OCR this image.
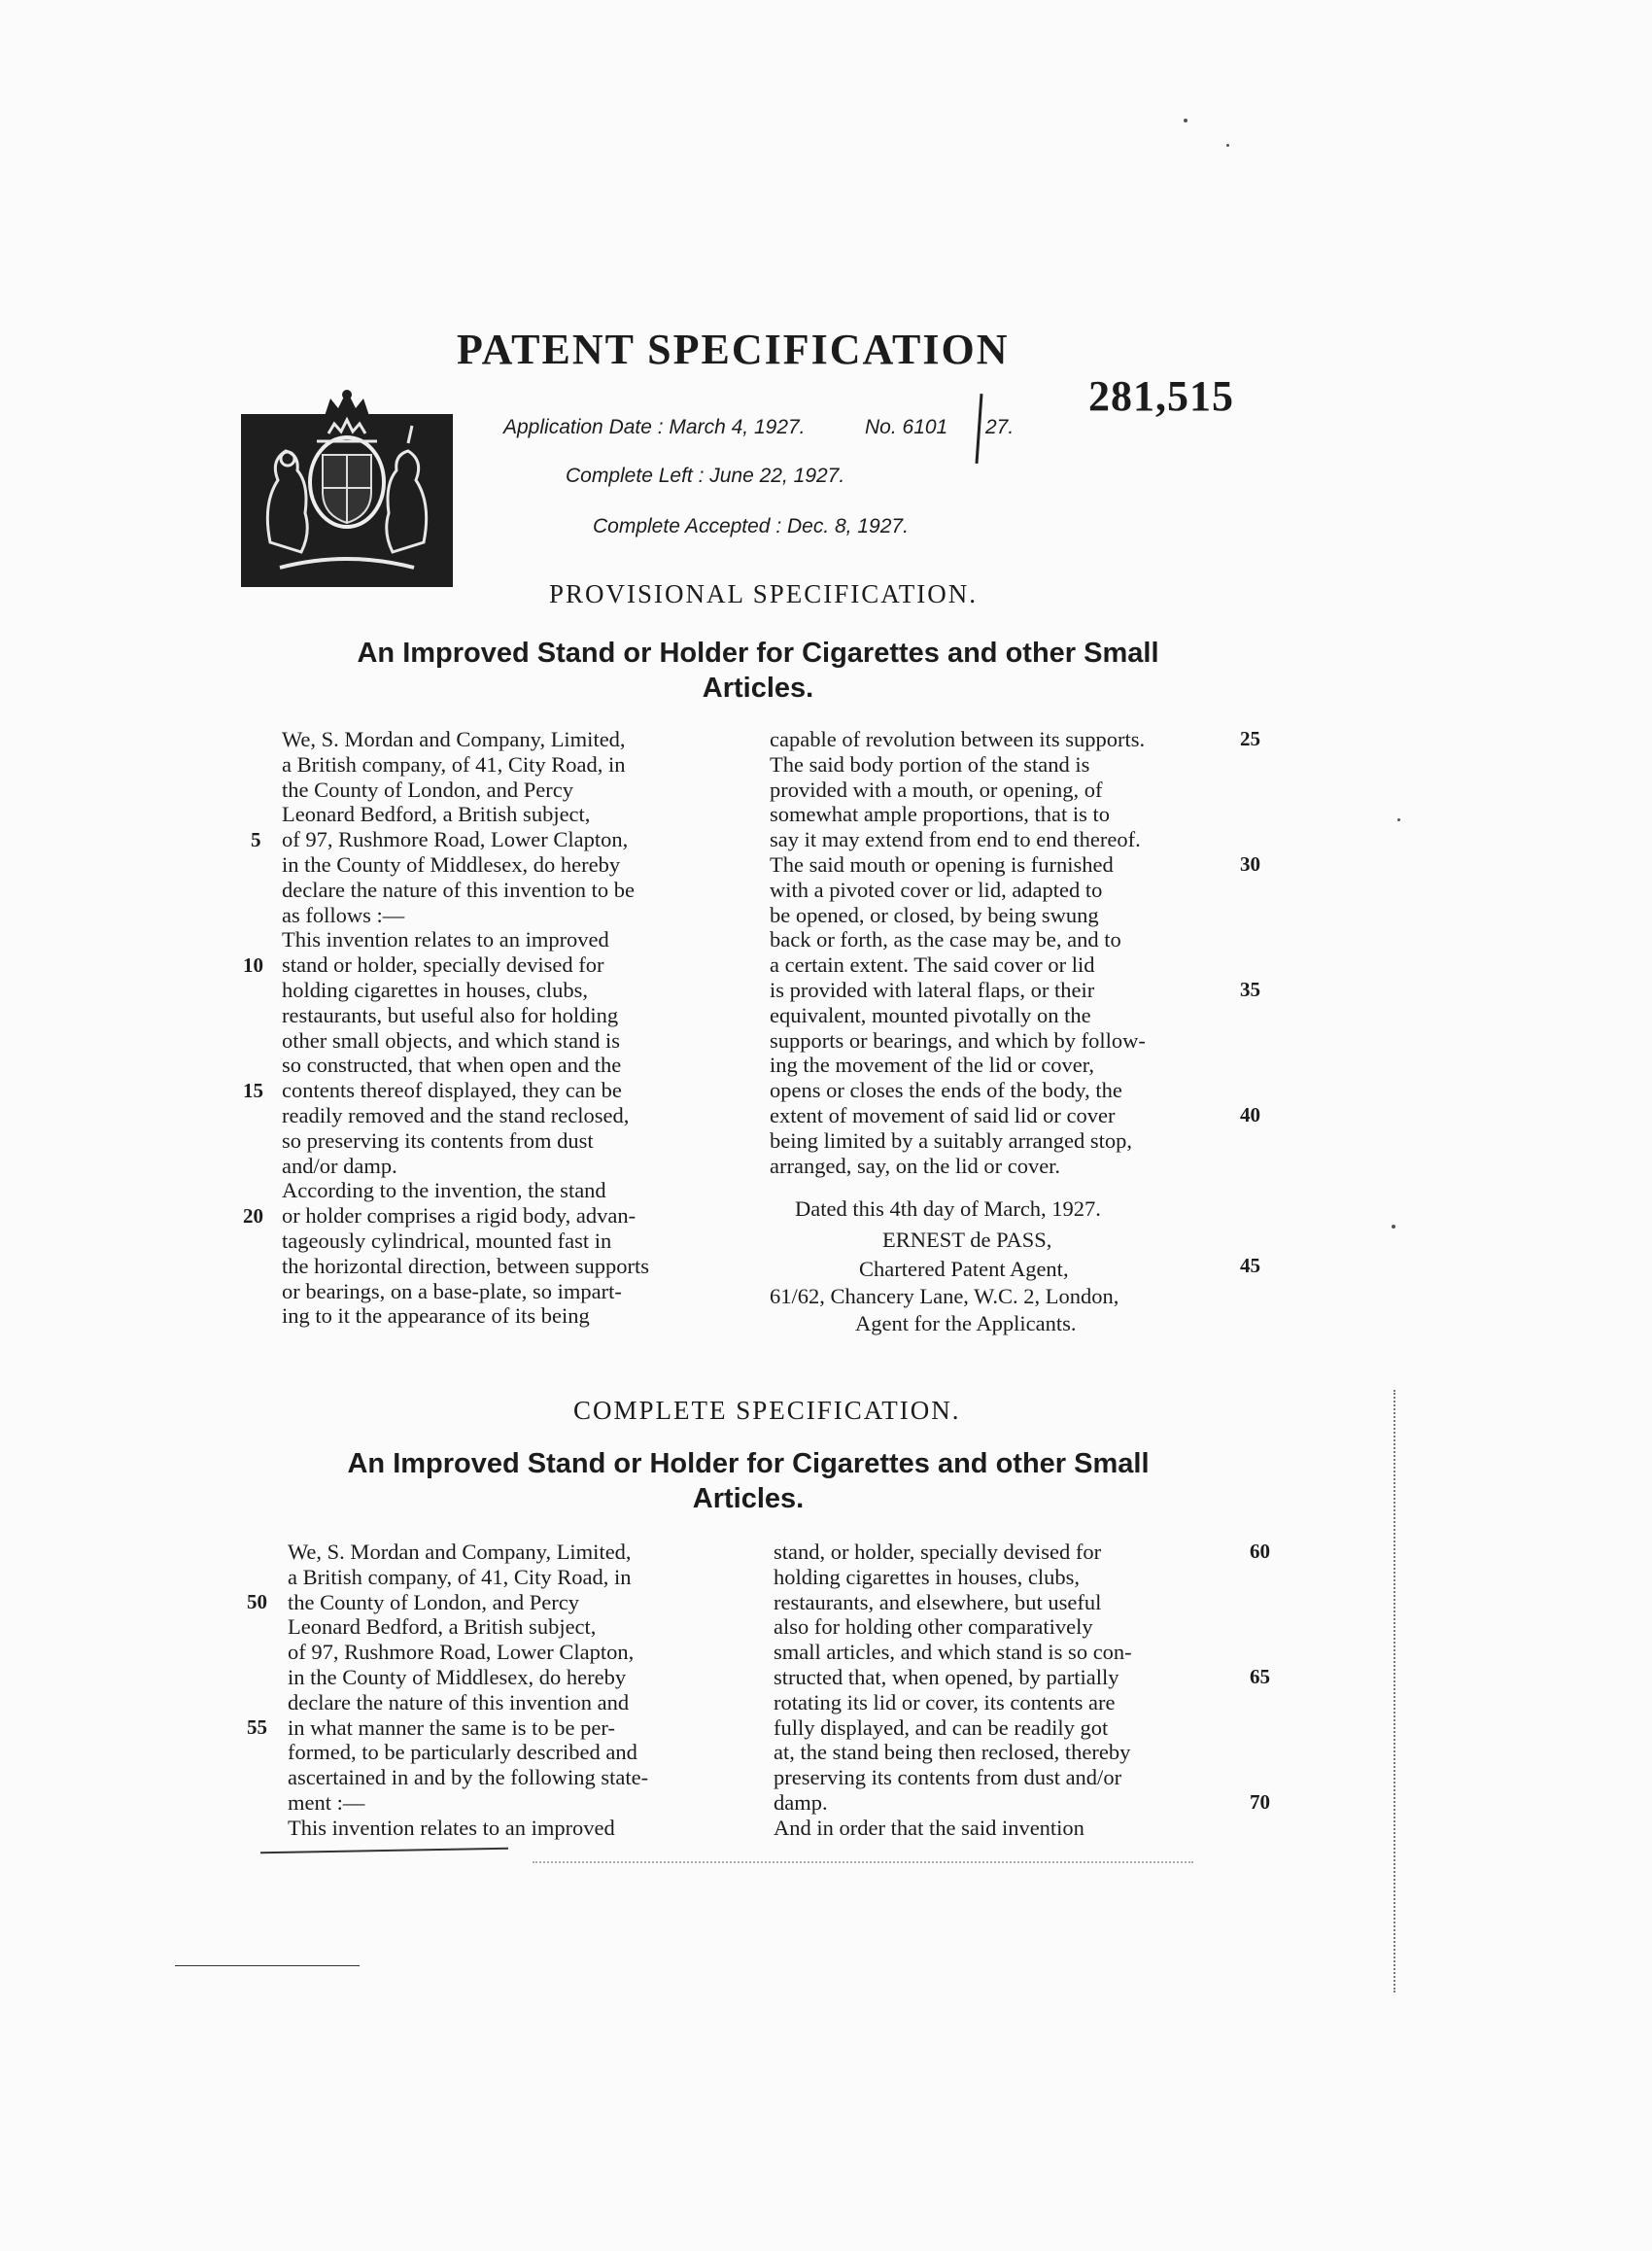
PATENT SPECIFICATION
281,515
Application Date : March 4, 1927.	No. 6101 27.
Complete Left : June 22, 1927.
Complete Accepted : Dec. 8, 1927.
PROVISIONAL SPECIFICATION.
An Improved Stand or Holder for Cigarettes and other Small
Articles.
We, S. Mordan and Company, Limited,
a British company, of 41, City Road, in
the County of London, and Percy
Leonard Bedford, a British subject,
of 97, Rushmore Road, Lower Clapton,
in the County of Middlesex, do hereby
declare the nature of this invention to be
as follows :—
This invention relates to an improved
stand or holder, specially devised for
holding cigarettes in houses, clubs,
restaurants, but useful also for holding
other small objects, and which stand is
so constructed, that when open and the
contents thereof displayed, they can be
readily removed and the stand reclosed,
so preserving its contents from dust
and/or damp.
According to the invention, the stand
or holder comprises a rigid body, advan-
tageously cylindrical, mounted fast in
the horizontal direction, between supports
or bearings, on a base-plate, so impart-
ing to it the appearance of its being
capable of revolution between its supports.
The said body portion of the stand is
provided with a mouth, or opening, of
somewhat ample proportions, that is to
say it may extend from end to end thereof.
The said mouth or opening is furnished
with a pivoted cover or lid, adapted to
be opened, or closed, by being swung
back or forth, as the case may be, and to
a certain extent. The said cover or lid
is provided with lateral flaps, or their
equivalent, mounted pivotally on the
supports or bearings, and which by follow-
ing the movement of the lid or cover,
opens or closes the ends of the body, the
extent of movement of said lid or cover
being limited by a suitably arranged stop,
arranged, say, on the lid or cover.
5
10
15
20
25
30
35
40
45
Dated this 4th day of March, 1927.
ERNEST de PASS,
Chartered Patent Agent,
61/62, Chancery Lane, W.C. 2, London,
Agent for the Applicants.
COMPLETE SPECIFICATION.
An Improved Stand or Holder for Cigarettes and other Small
Articles.
We, S. Mordan and Company, Limited,
a British company, of 41, City Road, in
the County of London, and Percy
Leonard Bedford, a British subject,
of 97, Rushmore Road, Lower Clapton,
in the County of Middlesex, do hereby
declare the nature of this invention and
in what manner the same is to be per-
formed, to be particularly described and
ascertained in and by the following state-
ment :—
This invention relates to an improved
stand, or holder, specially devised for
holding cigarettes in houses, clubs,
restaurants, and elsewhere, but useful
also for holding other comparatively
small articles, and which stand is so con-
structed that, when opened, by partially
rotating its lid or cover, its contents are
fully displayed, and can be readily got
at, the stand being then reclosed, thereby
preserving its contents from dust and/or
damp.
And in order that the said invention
50
55
60
65
70
